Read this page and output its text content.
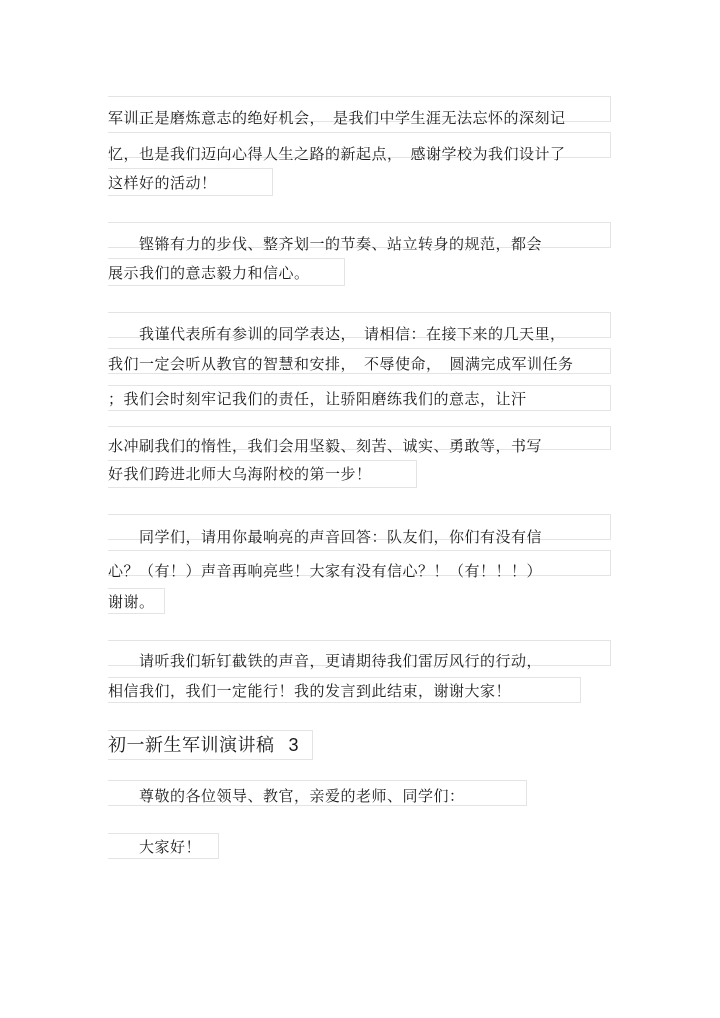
军训正是磨炼意志的绝好机会，　是我们中学生涯无法忘怀的深刻记
忆，也是我们迈向心得人生之路的新起点，　感谢学校为我们设计了
这样好的活动！
　　铿锵有力的步伐、整齐划一的节奏、站立转身的规范，都会
展示我们的意志毅力和信心。
　　我谨代表所有参训的同学表达，　请相信：在接下来的几天里，
我们一定会听从教官的智慧和安排，　不辱使命，　圆满完成军训任务
；我们会时刻牢记我们的责任，让骄阳磨练我们的意志，让汗
水冲刷我们的惰性，我们会用坚毅、刻苦、诚实、勇敢等，书写
好我们跨进北师大乌海附校的第一步！
　　同学们，请用你最响亮的声音回答：队友们，你们有没有信
心？（有！）声音再响亮些！大家有没有信心？！（有！！！）
谢谢。
　　请听我们斩钉截铁的声音，更请期待我们雷厉风行的行动，
相信我们，我们一定能行！我的发言到此结束，谢谢大家！
初一新生军训演讲稿 3
　　尊敬的各位领导、教官，亲爱的老师、同学们：
　　大家好！
